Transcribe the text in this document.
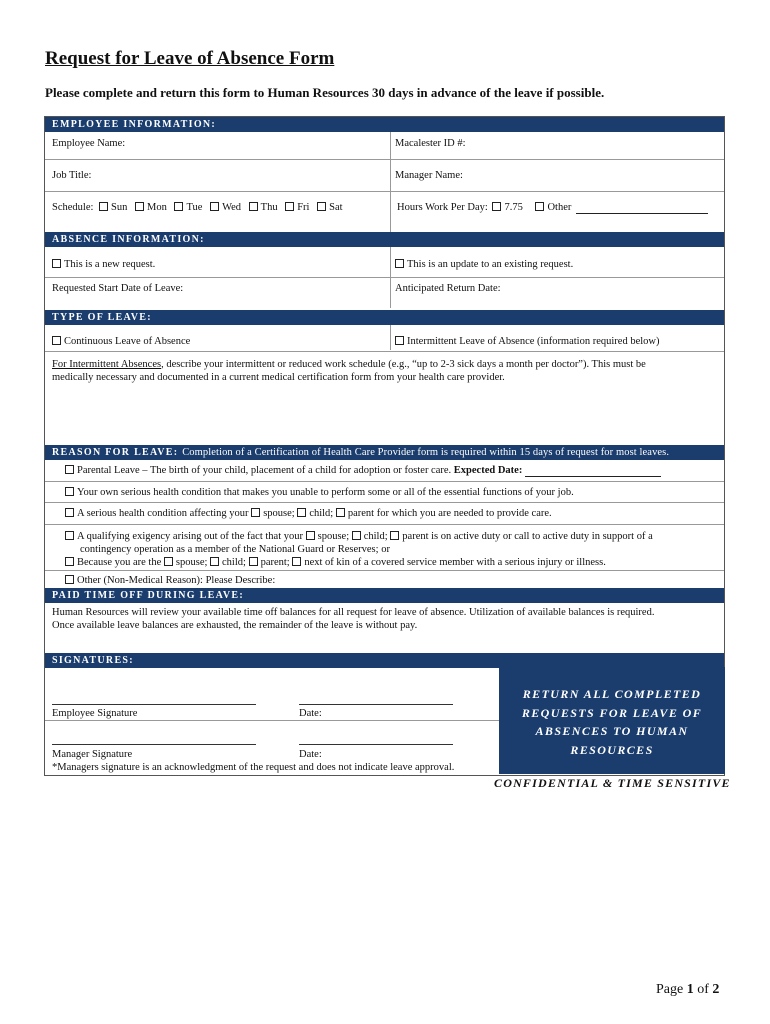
Request for Leave of Absence Form
Please complete and return this form to Human Resources 30 days in advance of the leave if possible.
EMPLOYEE INFORMATION:
Employee Name:	Macalester ID #:
Job Title:	Manager Name:
Schedule: Sun Mon Tue Wed Thu Fri Sat	Hours Work Per Day: 7.75 Other
ABSENCE INFORMATION:
This is a new request.	This is an update to an existing request.
Requested Start Date of Leave:	Anticipated Return Date:
TYPE OF LEAVE:
Continuous Leave of Absence	Intermittent Leave of Absence (information required below)
For Intermittent Absences, describe your intermittent or reduced work schedule (e.g., “up to 2-3 sick days a month per doctor”). This must be
medically necessary and documented in a current medical certification form from your health care provider.
REASON FOR LEAVE: Completion of a Certification of Health Care Provider form is required within 15 days of request for most leaves.
Parental Leave – The birth of your child, placement of a child for adoption or foster care. Expected Date:
Your own serious health condition that makes you unable to perform some or all of the essential functions of your job.
A serious health condition affecting your spouse; child; parent for which you are needed to provide care.
A qualifying exigency arising out of the fact that your spouse; child; parent is on active duty or call to active duty in support of a
contingency operation as a member of the National Guard or Reserves; or
Because you are the spouse; child; parent; next of kin of a covered service member with a serious injury or illness.
Other (Non-Medical Reason): Please Describe:
PAID TIME OFF DURING LEAVE:
Human Resources will review your available time off balances for all request for leave of absence. Utilization of available balances is required.
Once available leave balances are exhausted, the remainder of the leave is without pay.
SIGNATURES:
Employee Signature	Date:
Manager Signature	Date:
*Managers signature is an acknowledgment of the request and does not indicate leave approval.
RETURN ALL COMPLETED
REQUESTS FOR LEAVE OF
ABSENCES TO HUMAN
RESOURCES
CONFIDENTIAL & TIME SENSITIVE
Page 1 of 2
